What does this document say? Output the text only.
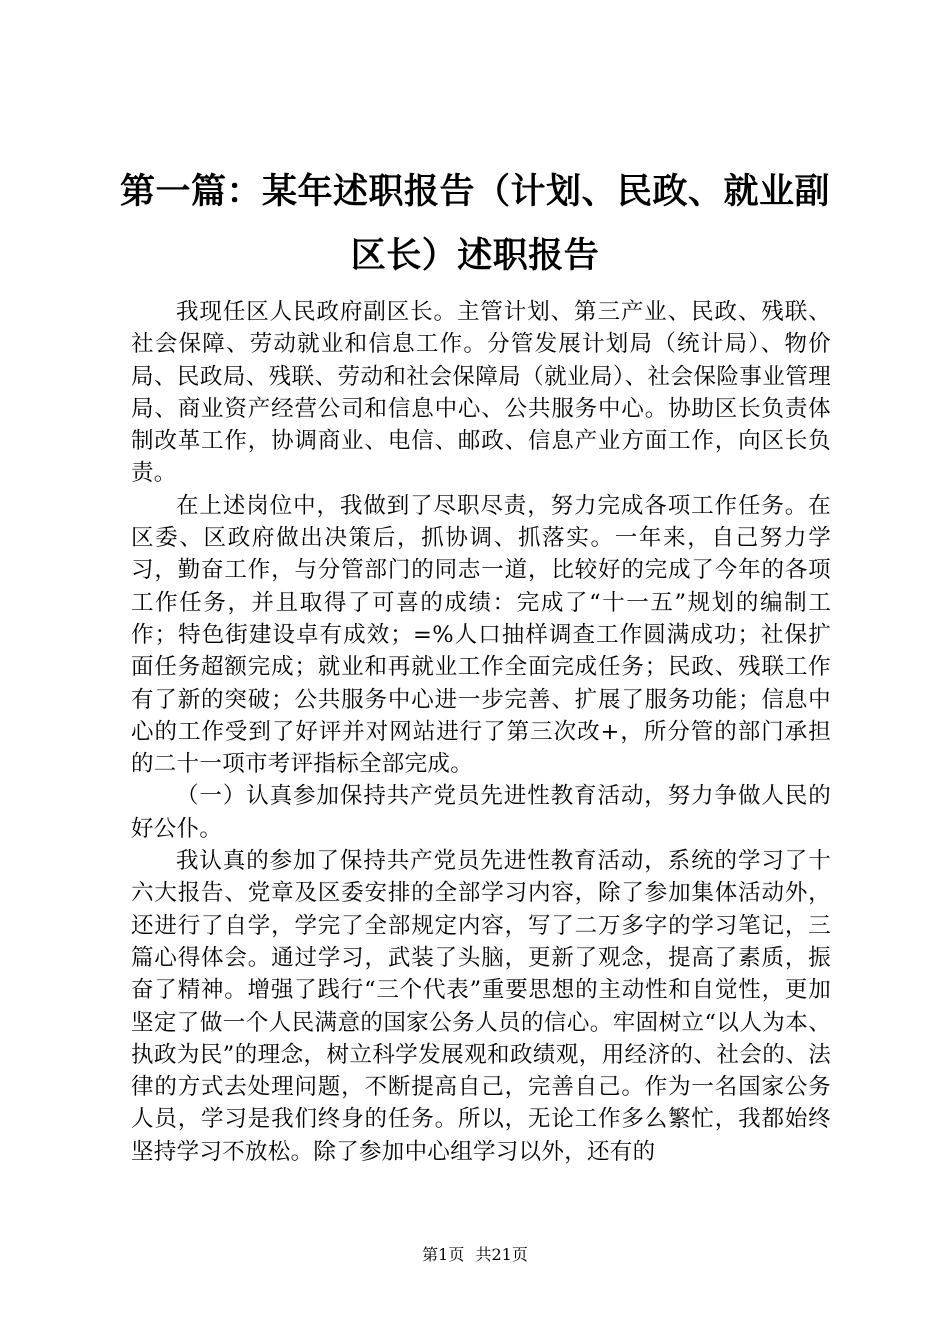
第一篇：某年述职报告（计划、民政、就业副区长）述职报告

我现任区人民政府副区长。主管计划、第三产业、民政、残联、社会保障、劳动就业和信息工作。分管发展计划局（统计局）、物价局、民政局、残联、劳动和社会保障局（就业局）、社会保险事业管理局、商业资产经营公司和信息中心、公共服务中心。协助区长负责体制改革工作，协调商业、电信、邮政、信息产业方面工作，向区长负责。

在上述岗位中，我做到了尽职尽责，努力完成各项工作任务。在区委、区政府做出决策后，抓协调、抓落实。一年来，自己努力学习，勤奋工作，与分管部门的同志一道，比较好的完成了今年的各项工作任务，并且取得了可喜的成绩：完成了“十一五”规划的编制工作；特色街建设卓有成效；=%人口抽样调查工作圆满成功；社保扩面任务超额完成；就业和再就业工作全面完成任务；民政、残联工作有了新的突破；公共服务中心进一步完善、扩展了服务功能；信息中心的工作受到了好评并对网站进行了第三次改+，所分管的部门承担的二十一项市考评指标全部完成。

（一）认真参加保持共产党员先进性教育活动，努力争做人民的好公仆。

我认真的参加了保持共产党员先进性教育活动，系统的学习了十六大报告、党章及区委安排的全部学习内容，除了参加集体活动外，还进行了自学，学完了全部规定内容，写了二万多字的学习笔记，三篇心得体会。通过学习，武装了头脑，更新了观念，提高了素质，振奋了精神。增强了践行“三个代表”重要思想的主动性和自觉性，更加坚定了做一个人民满意的国家公务人员的信心。牢固树立“以人为本、执政为民”的理念，树立科学发展观和政绩观，用经济的、社会的、法律的方式去处理问题，不断提高自己，完善自己。作为一名国家公务人员，学习是我们终身的任务。所以，无论工作多么繁忙，我都始终坚持学习不放松。除了参加中心组学习以外，还有的

第1页 共21页
